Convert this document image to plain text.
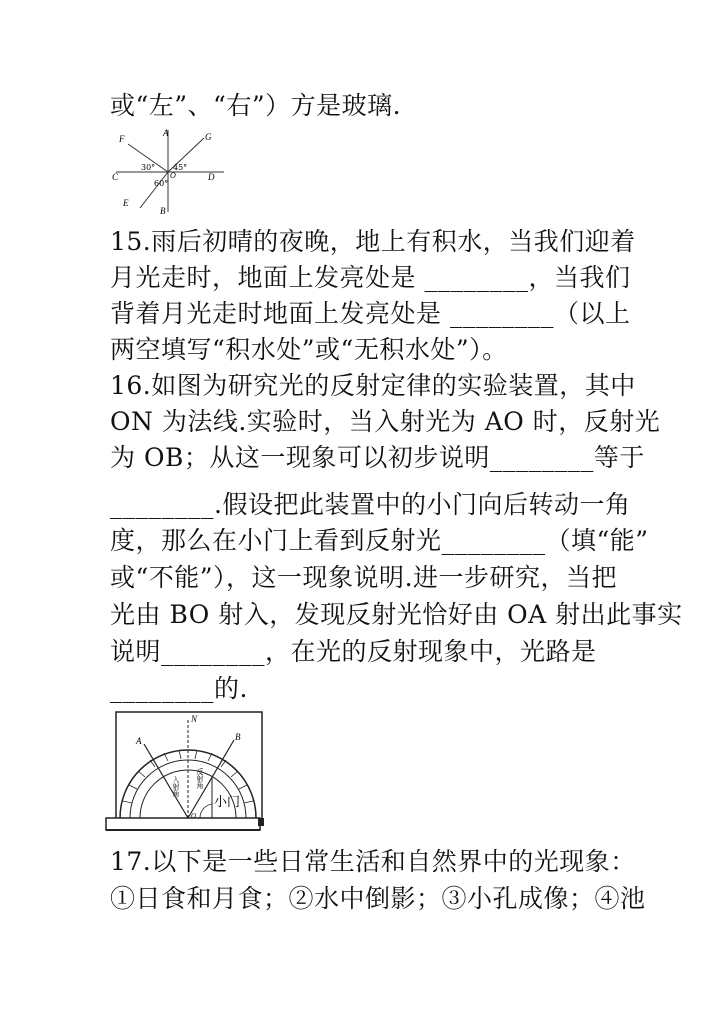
或“左”、“右”）方是玻璃.
F
A	G
C	O	D
E
B
30° 45°
60°
15.雨后初晴的夜晚，地上有积水，当我们迎着
月光走时，地面上发亮处是 ________，当我们
背着月光走时地面上发亮处是 ________（以上
两空填写“积水处”或“无积水处”）。
16.如图为研究光的反射定律的实验装置，其中
ON 为法线.实验时，当入射光为 AO 时，反射光
为 OB；从这一现象可以初步说明________等于
________.假设把此装置中的小门向后转动一角
度，那么在小门上看到反射光________（填“能”
或“不能”），这一现象说明.进一步研究，当把
光由 BO 射入，发现反射光恰好由 OA 射出此事实
说明________，在光的反射现象中，光路是
________的.
N
A	B
O
入射角 反射角
小门
17.以下是一些日常生活和自然界中的光现象：
①日食和月食；②水中倒影；③小孔成像；④池
